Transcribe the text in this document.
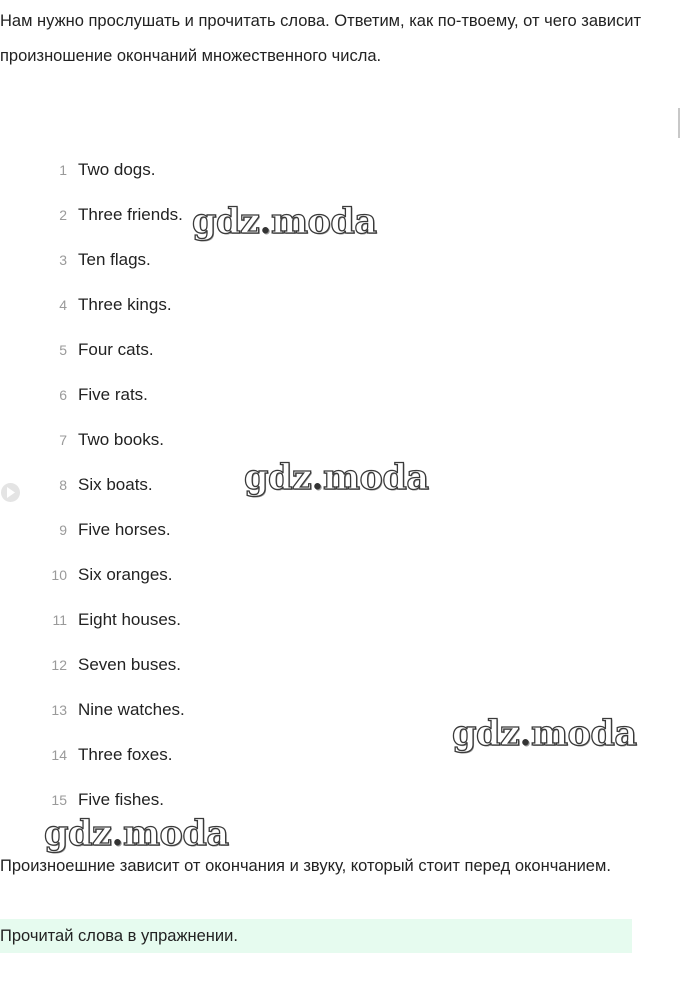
Нам нужно прослушать и прочитать слова. Ответим, как по-твоему, от чего зависит произношение окончаний множественного числа.
1 Two dogs.
2 Three friends.
3 Ten flags.
4 Three kings.
5 Four cats.
6 Five rats.
7 Two books.
8 Six boats.
9 Five horses.
10 Six oranges.
11 Eight houses.
12 Seven buses.
13 Nine watches.
14 Three foxes.
15 Five fishes.
gdz.moda
gdz.moda
gdz.moda
gdz.moda
Произноешние зависит от окончания и звуку, который стоит перед окончанием.
Прочитай слова в упражнении.
